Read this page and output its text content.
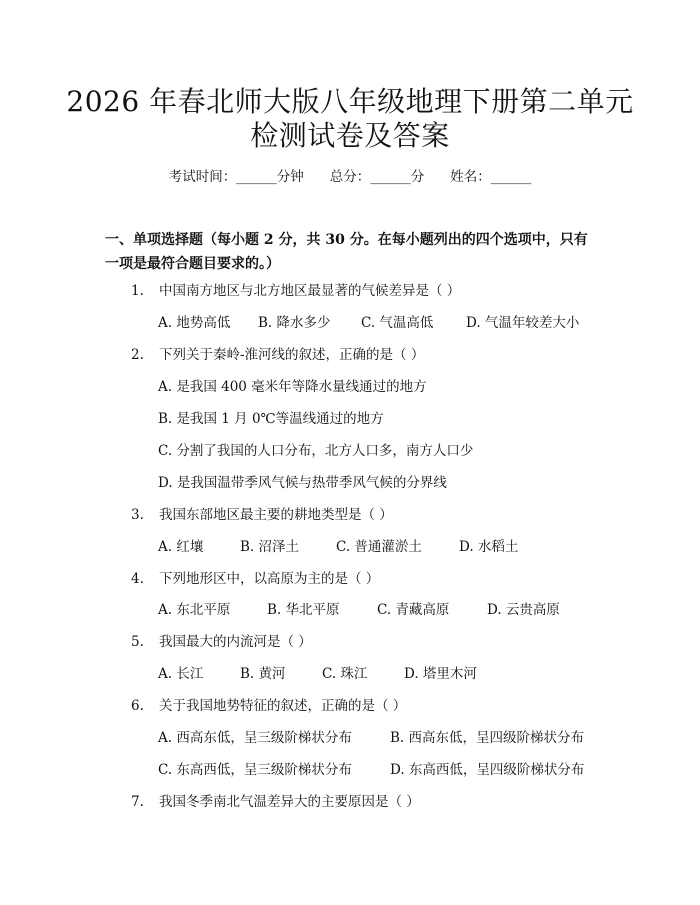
2026 年春北师大版八年级地理下册第二单元
检测试卷及答案
考试时间：______分钟 总分：______分 姓名：______
一、单项选择题（每小题 2 分，共 30 分。在每小题列出的四个选项中，只有一项是最符合题目要求的。）
1. 中国南方地区与北方地区最显著的气候差异是（ ）
A. 地势高低 B. 降水多少 C. 气温高低 D. 气温年较差大小
2. 下列关于秦岭-淮河线的叙述，正确的是（ ）
A. 是我国 400 毫米年等降水量线通过的地方
B. 是我国 1 月 0℃等温线通过的地方
C. 分割了我国的人口分布，北方人口多，南方人口少
D. 是我国温带季风气候与热带季风气候的分界线
3. 我国东部地区最主要的耕地类型是（ ）
A. 红壤	B. 沼泽土	C. 普通灌淤土	D. 水稻土
4. 下列地形区中，以高原为主的是（ ）
A. 东北平原	B. 华北平原	C. 青藏高原	D. 云贵高原
5. 我国最大的内流河是（ ）
A. 长江	B. 黄河	C. 珠江	D. 塔里木河
6. 关于我国地势特征的叙述，正确的是（ ）
A. 西高东低，呈三级阶梯状分布	B. 西高东低，呈四级阶梯状分布
C. 东高西低，呈三级阶梯状分布	D. 东高西低，呈四级阶梯状分布
7. 我国冬季南北气温差异大的主要原因是（ ）
